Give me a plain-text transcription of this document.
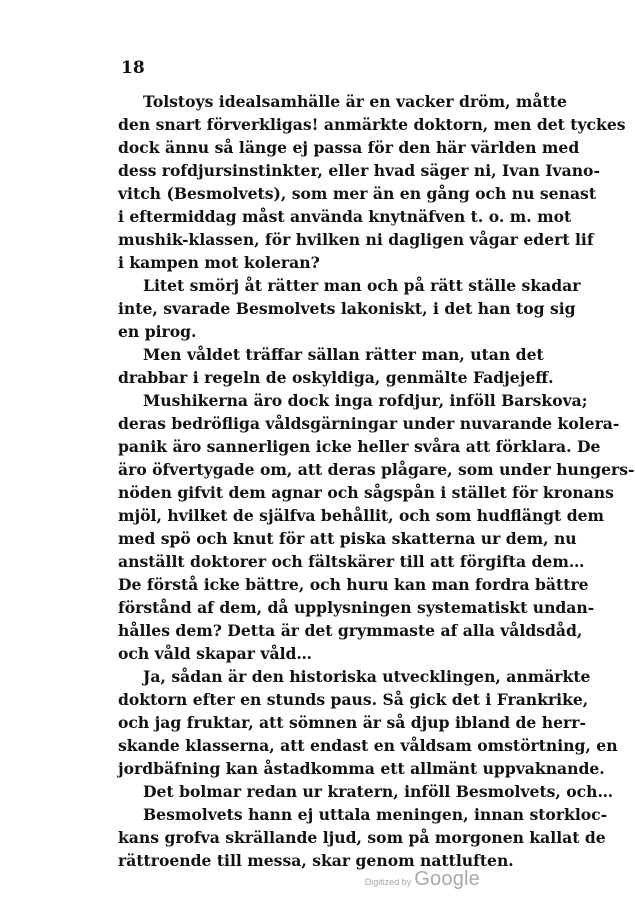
18
Tolstoys idealsamhälle är en vacker dröm, måtte
den snart förverkligas! anmärkte doktorn, men det tyckes
dock ännu så länge ej passa för den här världen med
dess rofdjursinstinkter, eller hvad säger ni, Ivan Ivano-
vitch (Besmolvets), som mer än en gång och nu senast
i eftermiddag måst använda knytnäfven t. o. m. mot
mushik-klassen, för hvilken ni dagligen vågar edert lif
i kampen mot koleran?
Litet smörj åt rätter man och på rätt ställe skadar
inte, svarade Besmolvets lakoniskt, i det han tog sig
en pirog.
Men våldet träffar sällan rätter man, utan det
drabbar i regeln de oskyldiga, genmälte Fadjejeff.
Mushikerna äro dock inga rofdjur, inföll Barskova;
deras bedröfliga våldsgärningar under nuvarande kolera-
panik äro sannerligen icke heller svåra att förklara. De
äro öfvertygade om, att deras plågare, som under hungers-
nöden gifvit dem agnar och sågspån i stället för kronans
mjöl, hvilket de själfva behållit, och som hudflängt dem
med spö och knut för att piska skatterna ur dem, nu
anställt doktorer och fältskärer till att förgifta dem…
De förstå icke bättre, och huru kan man fordra bättre
förstånd af dem, då upplysningen systematiskt undan-
hålles dem? Detta är det grymmaste af alla våldsdåd,
och våld skapar våld…
Ja, sådan är den historiska utvecklingen, anmärkte
doktorn efter en stunds paus. Så gick det i Frankrike,
och jag fruktar, att sömnen är så djup ibland de herr-
skande klasserna, att endast en våldsam omstörtning, en
jordbäfning kan åstadkomma ett allmänt uppvaknande.
Det bolmar redan ur kratern, inföll Besmolvets, och…
Besmolvets hann ej uttala meningen, innan storkloc-
kans grofva skrällande ljud, som på morgonen kallat de
rättroende till messa, skar genom nattluften.
Digitized by Google
